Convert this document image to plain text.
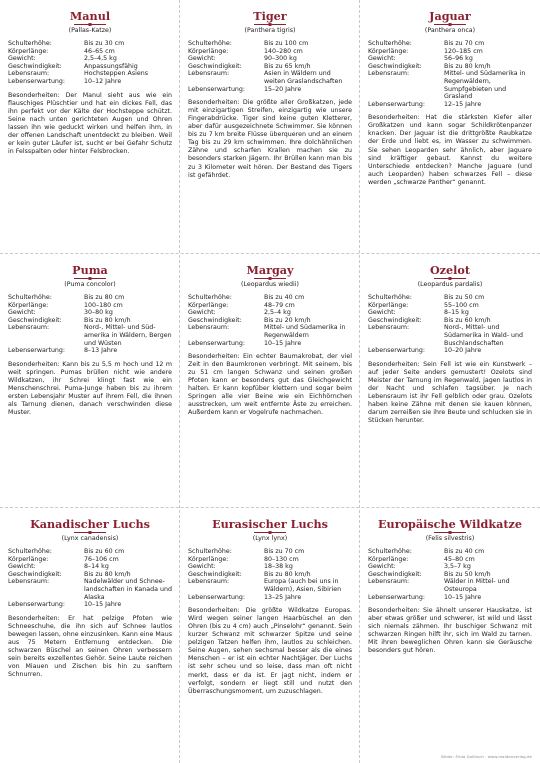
Manul
(Pallas-Katze)
Schulterhöhe:	Bis zu 30 cm
Körperlänge:	46–65 cm
Gewicht:	2,5–4,5 kg
Geschwindigkeit:	Anpassungsfähig
Lebensraum:	Hochsteppen Asiens
Lebenserwartung:	10–12 Jahre
Besonderheiten: Der Manul sieht aus wie ein flauschiges Plüschtier und hat ein dickes Fell, das ihn perfekt vor der Kälte der Hochsteppe schützt. Seine nach unten gerichteten Augen und Ohren lassen ihn wie geduckt wirken und helfen ihm, in der offenen Landschaft unentdeckt zu bleiben. Weil er kein guter Läufer ist, sucht er bei Gefahr Schutz in Felsspalten oder hinter Felsbrocken.
Tiger
(Panthera tigris)
Schulterhöhe:	Bis zu 100 cm
Körperlänge:	140–280 cm
Gewicht:	90–300 kg
Geschwindigkeit:	Bis zu 65 km/h
Lebensraum:	Asien in Wäldern und weiten Graslandschaften
Lebenserwartung:	15–20 Jahre
Besonderheiten: Die größte aller Großkatzen, jede mit einzigartigen Streifen, einzigartig wie unsere Fingerabdrücke. Tiger sind keine guten Kletterer, aber dafür ausgezeichnete Schwimmer. Sie können bis zu 7 km breite Flüsse überqueren und an einem Tag bis zu 29 km schwimmen. Ihre dolchähnlichen Zähne und scharfen Krallen machen sie zu besonders starken Jägern. Ihr Brüllen kann man bis zu 3 Kilometer weit hören. Der Bestand des Tigers ist gefährdet.
Jaguar
(Panthera onca)
Schulterhöhe:	Bis zu 70 cm
Körperlänge:	120–185 cm
Gewicht:	56–96 kg
Geschwindigkeit:	Bis zu 80 km/h
Lebensraum:	Mittel- und Südamerika in Regenwäldern, Sumpfgebieten und Grasland
Lebenserwartung:	12–15 Jahre
Besonderheiten: Hat die stärksten Kiefer aller Großkatzen und kann sogar Schildkrötenpanzer knacken. Der Jaguar ist die drittgrößte Raubkatze der Erde und liebt es, im Wasser zu schwimmen. Sie sehen Leoparden sehr ähnlich, aber Jaguare sind kräftiger gebaut. Kannst du weitere Unterschiede entdecken? Manche Jaguare (und auch Leoparden) haben schwarzes Fell – diese werden „schwarze Panther“ genannt.
Puma
(Puma concolor)
Schulterhöhe:	Bis zu 80 cm
Körperlänge:	100–180 cm
Gewicht:	30–80 kg
Geschwindigkeit:	Bis zu 80 km/h
Lebensraum:	Nord-, Mittel- und Südamerika in Wäldern, Bergen und Wüsten
Lebenserwartung:	8–13 Jahre
Besonderheiten: Kann bis zu 5,5 m hoch und 12 m weit springen. Pumas brüllen nicht wie andere Wildkatzen, ihr Schrei klingt fast wie ein Menschenschrei. Puma-Junge haben bis zu ihrem ersten Lebensjahr Muster auf ihrem Fell, die ihnen als Tarnung dienen, danach verschwinden diese Muster.
Margay
(Leopardus wiedii)
Schulterhöhe:	Bis zu 40 cm
Körperlänge:	48–79 cm
Gewicht:	2,5–4 kg
Geschwindigkeit:	Bis zu 20 km/h
Lebensraum:	Mittel- und Südamerika in Regenwäldern
Lebenserwartung:	10–15 Jahre
Besonderheiten: Ein echter Baumakrobat, der viel Zeit in den Baumkronen verbringt. Mit seinem, bis zu 51 cm langen Schwanz und seinen großen Pfoten kann er besonders gut das Gleichgewicht halten. Er kann kopfüber klettern und sogar beim Springen alle vier Beine wie ein Eichhörnchen ausstrecken, um weit entfernte Äste zu erreichen. Außerdem kann er Vogelrufe nachmachen.
Ozelot
(Leopardus pardalis)
Schulterhöhe:	Bis zu 50 cm
Körperlänge:	55–100 cm
Gewicht:	8–15 kg
Geschwindigkeit:	Bis zu 60 km/h
Lebensraum:	Nord-, Mittel- und Südamerika in Wald- und Buschlandschaften
Lebenserwartung:	10–20 Jahre
Besonderheiten: Sein Fell ist wie ein Kunstwerk – auf jeder Seite anders gemustert! Ozelots sind Meister der Tarnung im Regenwald, jagen lautlos in der Nacht und schlafen tagsüber. Je nach Lebensraum ist ihr Fell gelblich oder grau. Ozelots haben keine Zähne mit denen sie kauen können, darum zerreißen sie ihre Beute und schlucken sie in Stücken herunter.
Kanadischer Luchs
(Lynx canadensis)
Schulterhöhe:	Bis zu 60 cm
Körperlänge:	76–106 cm
Gewicht:	8–14 kg
Geschwindigkeit:	Bis zu 80 km/h
Lebensraum:	Nadelwälder und Schneelandschaften in Kanada und Alaska
Lebenserwartung:	10–15 Jahre
Besonderheiten: Er hat pelzige Pfoten wie Schneeschuhe, die ihn sich auf Schnee lautlos bewegen lassen, ohne einzusinken. Kann eine Maus aus 75 Metern Entfernung entdecken. Die schwarzen Büschel an seinen Ohren verbessern sein bereits exzellentes Gehör. Seine Laute reichen von Miauen und Zischen bis hin zu sanftem Schnurren.
Eurasischer Luchs
(Lynx lynx)
Schulterhöhe:	Bis zu 70 cm
Körperlänge:	80–130 cm
Gewicht:	18–38 kg
Geschwindigkeit:	Bis zu 80 km/h
Lebensraum:	Europa (auch bei uns in Wäldern), Asien, Sibirien
Lebenserwartung:	13–25 Jahre
Besonderheiten: Die größte Wildkatze Europas. Wird wegen seiner langen Haarbüschel an den Ohren (bis zu 4 cm) auch „Pinselohr“ genannt. Sein kurzer Schwanz mit schwarzer Spitze und seine pelzigen Tatzen helfen ihm, lautlos zu schleichen. Seine Augen, sehen sechsmal besser als die eines Menschen – er ist ein echter Nachtjäger. Der Luchs ist sehr scheu und so leise, dass man oft nicht merkt, dass er da ist. Er jagt nicht, indem er verfolgt, sondern er liegt still und nutzt den Überraschungsmoment, um zuzuschlagen.
Europäische Wildkatze
(Felis silvestris)
Schulterhöhe:	Bis zu 40 cm
Körperlänge:	45–80 cm
Gewicht:	3,5–7 kg
Geschwindigkeit:	Bis zu 50 km/h
Lebensraum:	Wälder in Mittel- und Osteuropa
Lebenserwartung:	10–15 Jahre
Besonderheiten: Sie ähnelt unserer Hauskatze, ist aber etwas größer und schwerer, ist wild und lässt sich niemals zähmen. Ihr buschiger Schwanz mit schwarzen Ringen hilft ihr, sich im Wald zu tarnen. Mit ihren beweglichen Ohren kann sie Geräusche besonders gut hören.
Bilder: Frida Gallitsch · www.maldonverlag.de
